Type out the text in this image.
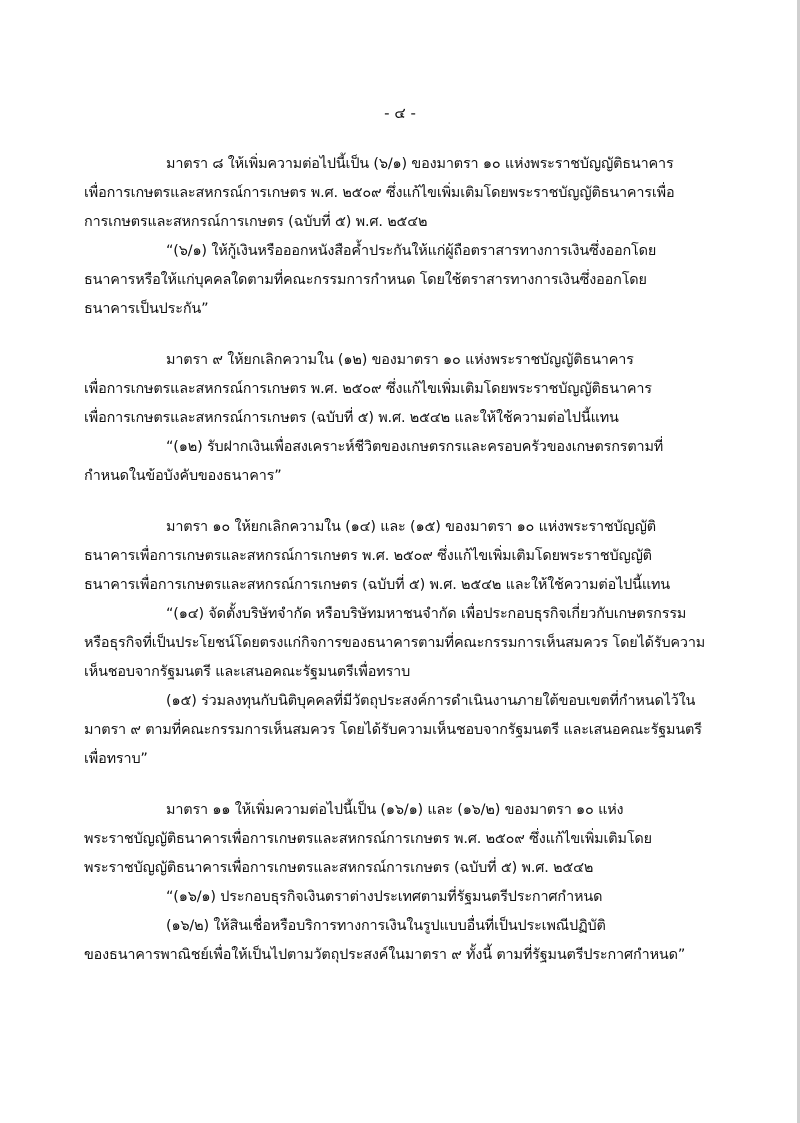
- ๔ -
มาตรา ๘ ให้เพิ่มความต่อไปนี้เป็น (๖/๑) ของมาตรา ๑๐ แห่งพระราชบัญญัติธนาคาร
เพื่อการเกษตรและสหกรณ์การเกษตร พ.ศ. ๒๕๐๙ ซึ่งแก้ไขเพิ่มเติมโดยพระราชบัญญัติธนาคารเพื่อ
การเกษตรและสหกรณ์การเกษตร (ฉบับที่ ๕) พ.ศ. ๒๕๔๒
“(๖/๑) ให้กู้เงินหรือออกหนังสือค้ำประกันให้แก่ผู้ถือตราสารทางการเงินซึ่งออกโดย
ธนาคารหรือให้แก่บุคคลใดตามที่คณะกรรมการกำหนด โดยใช้ตราสารทางการเงินซึ่งออกโดย
ธนาคารเป็นประกัน”
มาตรา ๙ ให้ยกเลิกความใน (๑๒) ของมาตรา ๑๐ แห่งพระราชบัญญัติธนาคาร
เพื่อการเกษตรและสหกรณ์การเกษตร พ.ศ. ๒๕๐๙ ซึ่งแก้ไขเพิ่มเติมโดยพระราชบัญญัติธนาคาร
เพื่อการเกษตรและสหกรณ์การเกษตร (ฉบับที่ ๕) พ.ศ. ๒๕๔๒ และให้ใช้ความต่อไปนี้แทน
“(๑๒) รับฝากเงินเพื่อสงเคราะห์ชีวิตของเกษตรกรและครอบครัวของเกษตรกรตามที่
กำหนดในข้อบังคับของธนาคาร”
มาตรา ๑๐ ให้ยกเลิกความใน (๑๔) และ (๑๕) ของมาตรา ๑๐ แห่งพระราชบัญญัติ
ธนาคารเพื่อการเกษตรและสหกรณ์การเกษตร พ.ศ. ๒๕๐๙ ซึ่งแก้ไขเพิ่มเติมโดยพระราชบัญญัติ
ธนาคารเพื่อการเกษตรและสหกรณ์การเกษตร (ฉบับที่ ๕) พ.ศ. ๒๕๔๒ และให้ใช้ความต่อไปนี้แทน
“(๑๔) จัดตั้งบริษัทจำกัด หรือบริษัทมหาชนจำกัด เพื่อประกอบธุรกิจเกี่ยวกับเกษตรกรรม
หรือธุรกิจที่เป็นประโยชน์โดยตรงแก่กิจการของธนาคารตามที่คณะกรรมการเห็นสมควร โดยได้รับความ
เห็นชอบจากรัฐมนตรี และเสนอคณะรัฐมนตรีเพื่อทราบ
(๑๕) ร่วมลงทุนกับนิติบุคคลที่มีวัตถุประสงค์การดำเนินงานภายใต้ขอบเขตที่กำหนดไว้ใน
มาตรา ๙ ตามที่คณะกรรมการเห็นสมควร โดยได้รับความเห็นชอบจากรัฐมนตรี และเสนอคณะรัฐมนตรี
เพื่อทราบ”
มาตรา ๑๑ ให้เพิ่มความต่อไปนี้เป็น (๑๖/๑) และ (๑๖/๒) ของมาตรา ๑๐ แห่ง
พระราชบัญญัติธนาคารเพื่อการเกษตรและสหกรณ์การเกษตร พ.ศ. ๒๕๐๙ ซึ่งแก้ไขเพิ่มเติมโดย
พระราชบัญญัติธนาคารเพื่อการเกษตรและสหกรณ์การเกษตร (ฉบับที่ ๕) พ.ศ. ๒๕๔๒
“(๑๖/๑) ประกอบธุรกิจเงินตราต่างประเทศตามที่รัฐมนตรีประกาศกำหนด
(๑๖/๒) ให้สินเชื่อหรือบริการทางการเงินในรูปแบบอื่นที่เป็นประเพณีปฏิบัติ
ของธนาคารพาณิชย์เพื่อให้เป็นไปตามวัตถุประสงค์ในมาตรา ๙ ทั้งนี้ ตามที่รัฐมนตรีประกาศกำหนด”
